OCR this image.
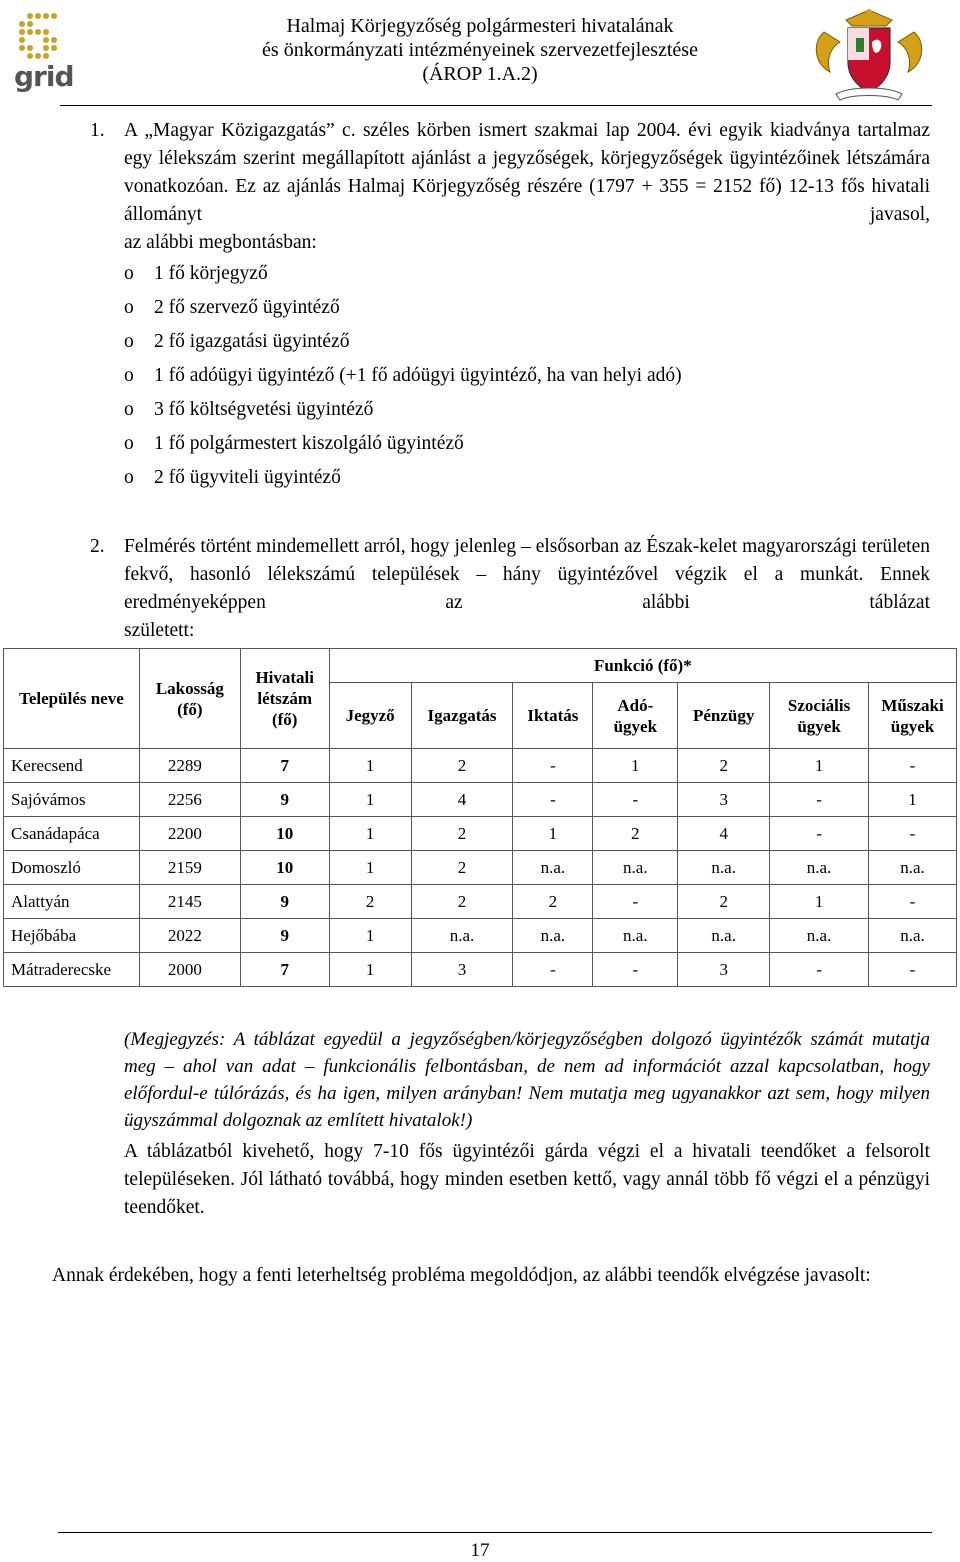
grid
Halmaj Körjegyzőség polgármesteri hivatalának
és önkormányzati intézményeinek szervezetfejlesztése
(ÁROP 1.A.2)
1. A „Magyar Közigazgatás” c. széles körben ismert szakmai lap 2004. évi egyik kiadványa tartalmaz egy lélekszám szerint megállapított ajánlást a jegyzőségek, körjegyzőségek ügyintézőinek létszámára vonatkozóan. Ez az ajánlás Halmaj Körjegyzőség részére (1797 + 355 = 2152 fő) 12-13 fős hivatali állományt javasol,
az alábbi megbontásban:
o 1 fő körjegyző
o 2 fő szervező ügyintéző
o 2 fő igazgatási ügyintéző
o 1 fő adóügyi ügyintéző (+1 fő adóügyi ügyintéző, ha van helyi adó)
o 3 fő költségvetési ügyintéző
o 1 fő polgármestert kiszolgáló ügyintéző
o 2 fő ügyviteli ügyintéző
2. Felmérés történt mindemellett arról, hogy jelenleg – elsősorban az Észak-kelet magyarországi területen fekvő, hasonló lélekszámú települések – hány ügyintézővel végzik el a munkát. Ennek eredményeképpen az alábbi táblázat
született:
Település neve	Lakosság (fő)	Hivatali létszám (fő)	Funkció (fő)*						
			Jegyző	Igazgatás	Iktatás	Adó-ügyek	Pénzügy	Szociális ügyek	Műszaki ügyek
Kerecsend	2289	7	1	2	-	1	2	1	-
Sajóvámos	2256	9	1	4	-	-	3	-	1
Csanádapáca	2200	10	1	2	1	2	4	-	-
Domoszló	2159	10	1	2	n.a.	n.a.	n.a.	n.a.	n.a.
Alattyán	2145	9	2	2	2	-	2	1	-
Hejőbába	2022	9	1	n.a.	n.a.	n.a.	n.a.	n.a.	n.a.
Mátraderecske	2000	7	1	3	-	-	3	-	-
(Megjegyzés: A táblázat egyedül a jegyzőségben/körjegyzőségben dolgozó ügyintézők számát mutatja meg – ahol van adat – funkcionális felbontásban, de nem ad információt azzal kapcsolatban, hogy előfordul-e túlórázás, és ha igen, milyen arányban! Nem mutatja meg ugyanakkor azt sem, hogy milyen ügyszámmal dolgoznak az említett hivatalok!)
A táblázatból kivehető, hogy 7-10 fős ügyintézői gárda végzi el a hivatali teendőket a felsorolt településeken. Jól látható továbbá, hogy minden esetben kettő, vagy annál több fő végzi el a pénzügyi teendőket.
Annak érdekében, hogy a fenti leterheltség probléma megoldódjon, az alábbi teendők elvégzése javasolt:
17
